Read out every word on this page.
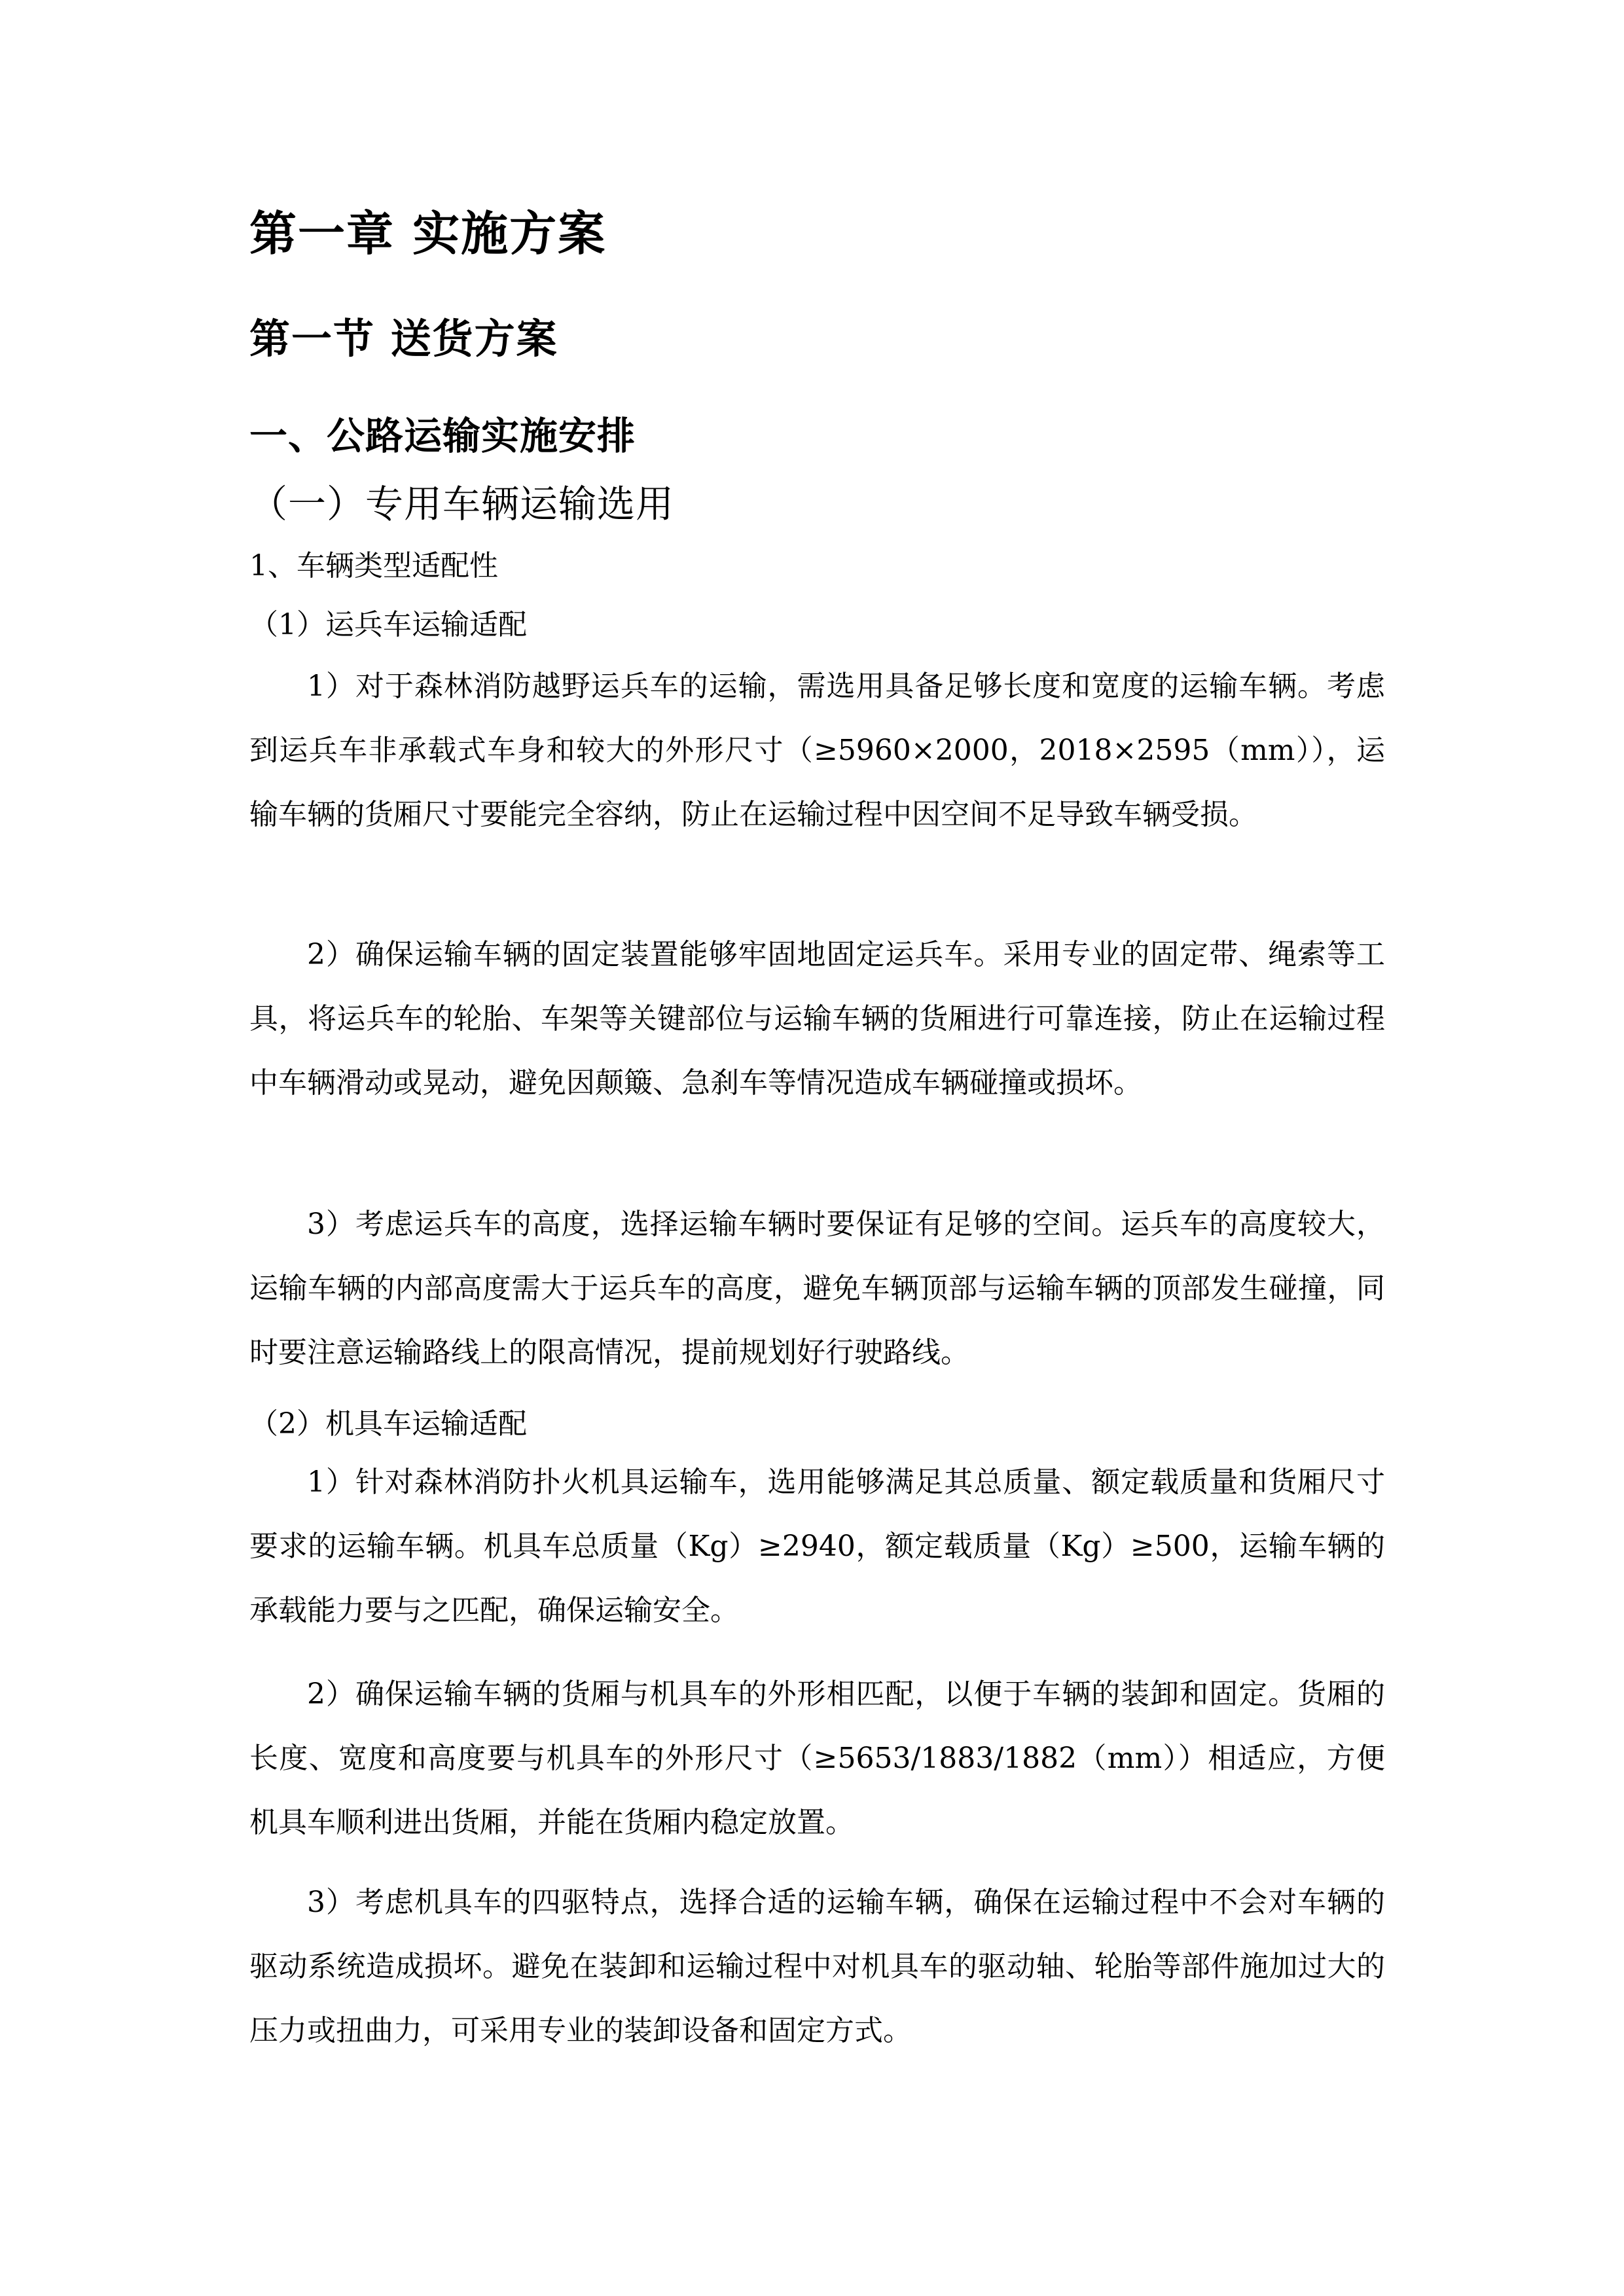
第一章 实施方案
第一节 送货方案
一、公路运输实施安排
（一）专用车辆运输选用
1、车辆类型适配性
（1）运兵车运输适配

1）对于森林消防越野运兵车的运输，需选用具备足够长度和宽度的运输车辆。考虑到运兵车非承载式车身和较大的外形尺寸（≥5960×2000，2018×2595（mm）），运输车辆的货厢尺寸要能完全容纳，防止在运输过程中因空间不足导致车辆受损。

2）确保运输车辆的固定装置能够牢固地固定运兵车。采用专业的固定带、绳索等工具，将运兵车的轮胎、车架等关键部位与运输车辆的货厢进行可靠连接，防止在运输过程中车辆滑动或晃动，避免因颠簸、急刹车等情况造成车辆碰撞或损坏。

3）考虑运兵车的高度，选择运输车辆时要保证有足够的空间。运兵车的高度较大，运输车辆的内部高度需大于运兵车的高度，避免车辆顶部与运输车辆的顶部发生碰撞，同时要注意运输路线上的限高情况，提前规划好行驶路线。

（2）机具车运输适配

1）针对森林消防扑火机具运输车，选用能够满足其总质量、额定载质量和货厢尺寸要求的运输车辆。机具车总质量（Kg）≥2940，额定载质量（Kg）≥500，运输车辆的承载能力要与之匹配，确保运输安全。

2）确保运输车辆的货厢与机具车的外形相匹配，以便于车辆的装卸和固定。货厢的长度、宽度和高度要与机具车的外形尺寸（≥5653/1883/1882（mm））相适应，方便机具车顺利进出货厢，并能在货厢内稳定放置。

3）考虑机具车的四驱特点，选择合适的运输车辆，确保在运输过程中不会对车辆的驱动系统造成损坏。避免在装卸和运输过程中对机具车的驱动轴、轮胎等部件施加过大的压力或扭曲力，可采用专业的装卸设备和固定方式。
